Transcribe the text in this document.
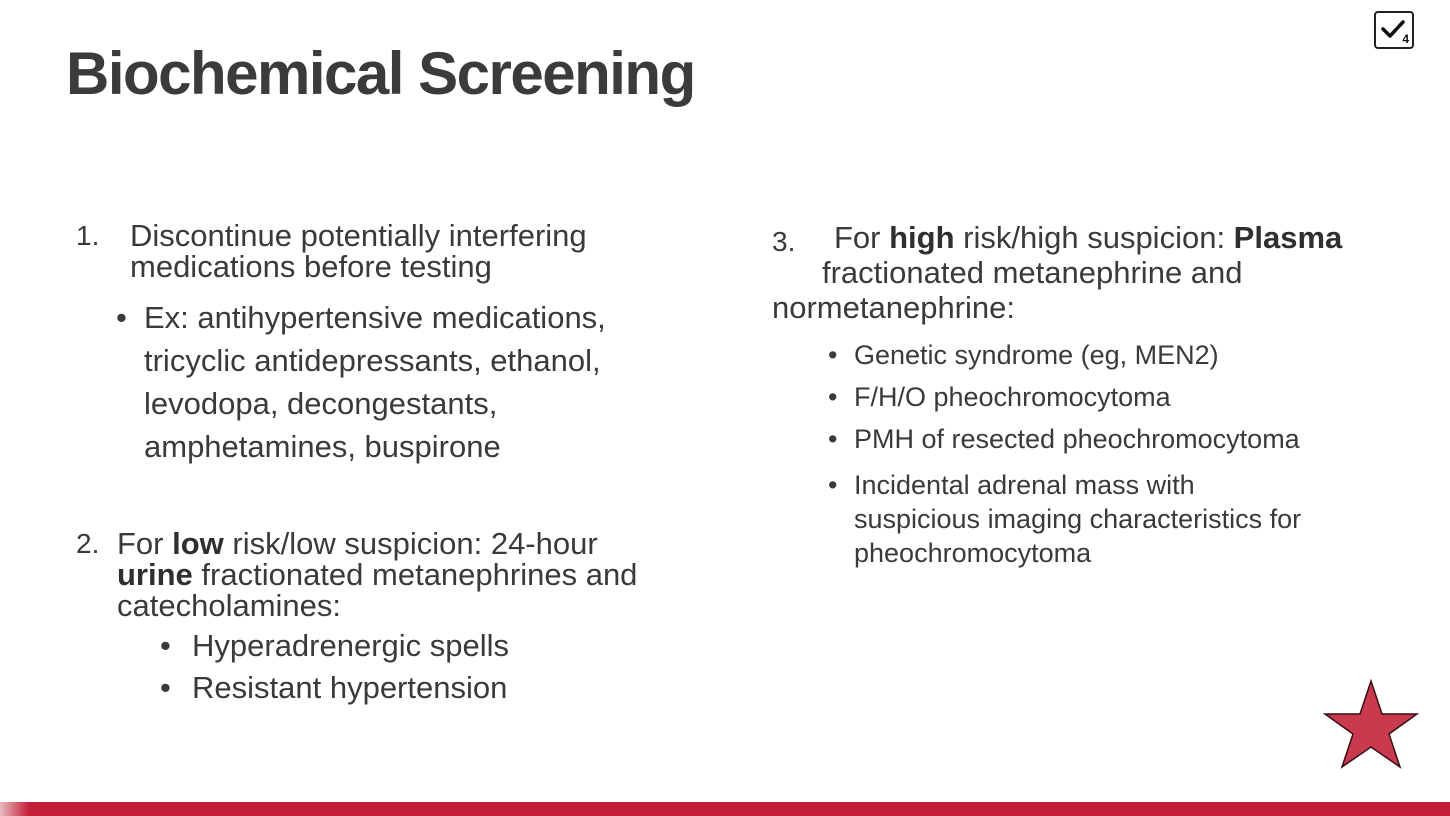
Biochemical Screening
4
1. Discontinue potentially interfering
medications before testing
• Ex: antihypertensive medications,
tricyclic antidepressants, ethanol,
levodopa, decongestants,
amphetamines, buspirone
2. For low risk/low suspicion: 24-hour
urine fractionated metanephrines and
catecholamines:
• Hyperadrenergic spells
• Resistant hypertension
3. For high risk/high suspicion: Plasma
fractionated metanephrine and
normetanephrine:
• Genetic syndrome (eg, MEN2)
• F/H/O pheochromocytoma
• PMH of resected pheochromocytoma
• Incidental adrenal mass with
suspicious imaging characteristics for
pheochromocytoma
